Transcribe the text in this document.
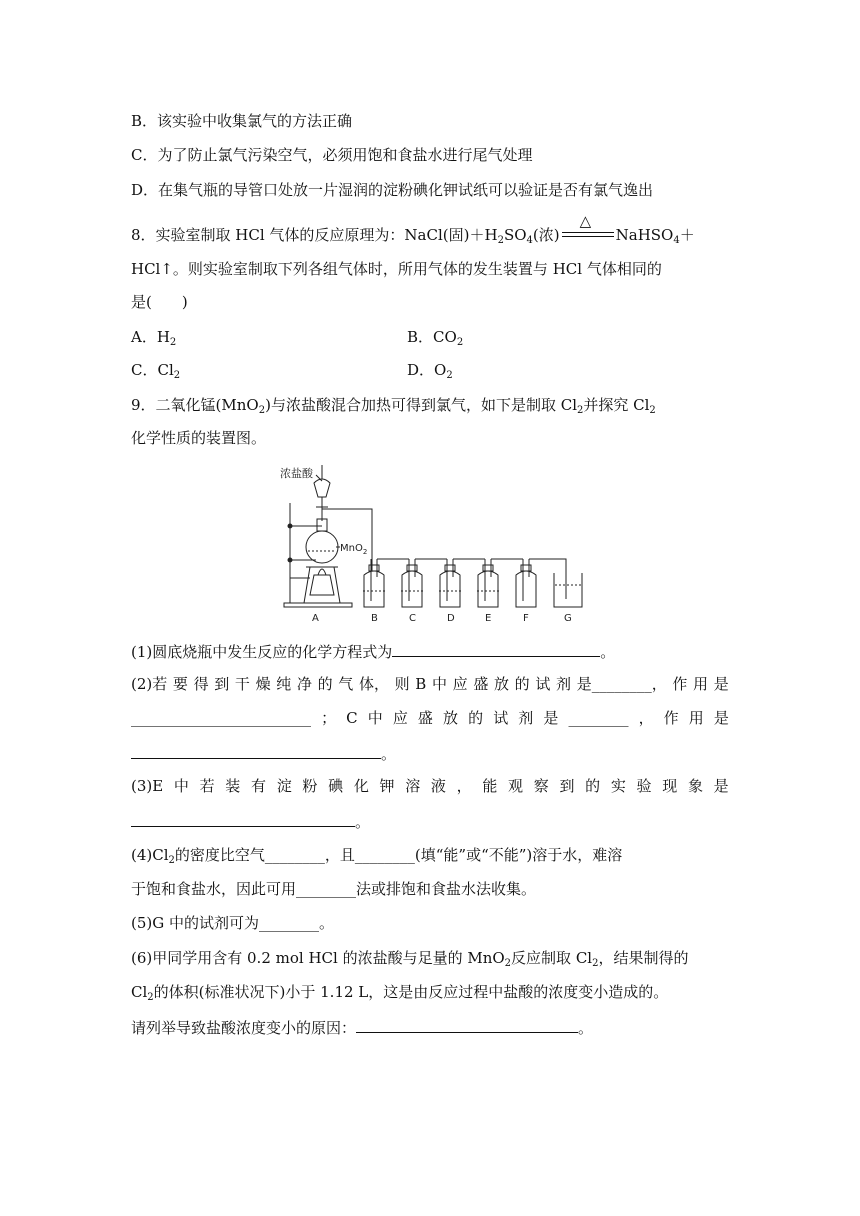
B．该实验中收集氯气的方法正确
C．为了防止氯气污染空气，必须用饱和食盐水进行尾气处理
D．在集气瓶的导管口处放一片湿润的淀粉碘化钾试纸可以验证是否有氯气逸出
8．实验室制取 HCl 气体的反应原理为：NaCl(固)$+H_2SO_4$(浓)
△
NaHSO$_4$＋
HCl↑。则实验室制取下列各组气体时，所用气体的发生装置与 HCl 气体相同的
是(　　)
A．$H_2$	B．$CO_2$
C．$Cl_2$	D．$O_2$
9．二氧化锰(MnO$_2$)与浓盐酸混合加热可得到氯气，如下是制取 $Cl_2$并探究 $Cl_2$
化学性质的装置图。
浓盐酸
MnO$_2$
B	C	D	E	F	G
A
(1)圆底烧瓶中发生反应的化学方程式为	。
(2)若 要 得 到 干 燥 纯 净 的 气 体， 则 B 中 应 盛 放 的 试 剂 是________， 作 用 是
________________________ ； C 中 应 盛 放 的 试 剂 是 ________ ， 作 用 是
。
(3)E 中 若 装 有 淀 粉 碘 化 钾 溶 液 ， 能 观 察 到 的 实 验 现 象 是
。
$(4)Cl_2$的密度比空气________，且________(填“能”或“不能”)溶于水，难溶
于饱和食盐水，因此可用________法或排饱和食盐水法收集。
(5)G 中的试剂可为________。
(6)甲同学用含有 0.2 mol HCl 的浓盐酸与足量的 MnO$_2$反应制取 $Cl_2$，结果制得的
$Cl_2$的体积(标准状况下)小于 1.12 L，这是由反应过程中盐酸的浓度变小造成的。
请列举导致盐酸浓度变小的原因：	。
